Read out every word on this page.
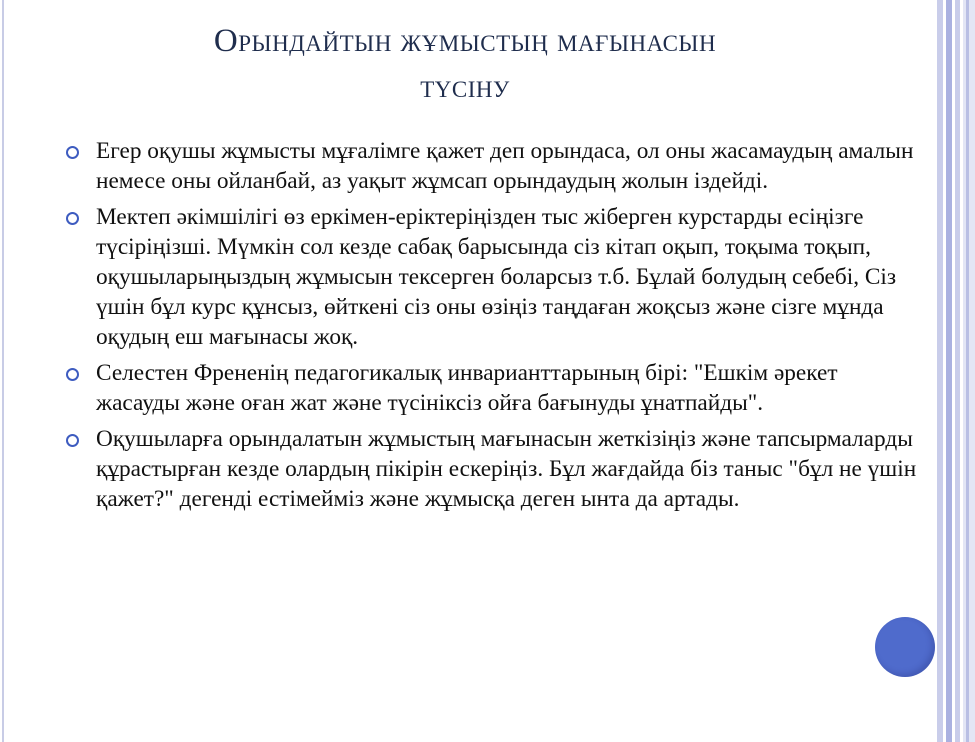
Орындайтын жұмыстың мағынасын
түсіну
Егер оқушы жұмысты мұғалімге қажет деп орындаса, ол оны жасамаудың амалын немесе оны ойланбай, аз уақыт жұмсап орындаудың жолын іздейді.
Мектеп әкімшілігі өз еркімен-еріктеріңізден тыс жіберген курстарды есіңізге түсіріңізші. Мүмкін сол кезде сабақ барысында сіз кітап оқып, тоқыма тоқып, оқушыларыңыздың жұмысын тексерген боларсыз т.б. Бұлай болудың себебі, Сіз үшін бұл курс құнсыз, өйткені сіз оны өзіңіз таңдаған жоқсыз және сізге мұнда оқудың еш мағынасы жоқ.
Селестен Френенің педагогикалық инварианттарының бірі: "Ешкім әрекет жасауды және оған жат және түсініксіз ойға бағынуды ұнатпайды".
Оқушыларға орындалатын жұмыстың мағынасын жеткізіңіз және тапсырмаларды құрастырған кезде олардың пікірін ескеріңіз. Бұл жағдайда біз таныс "бұл не үшін қажет?" дегенді естімейміз және жұмысқа деген ынта да артады.
